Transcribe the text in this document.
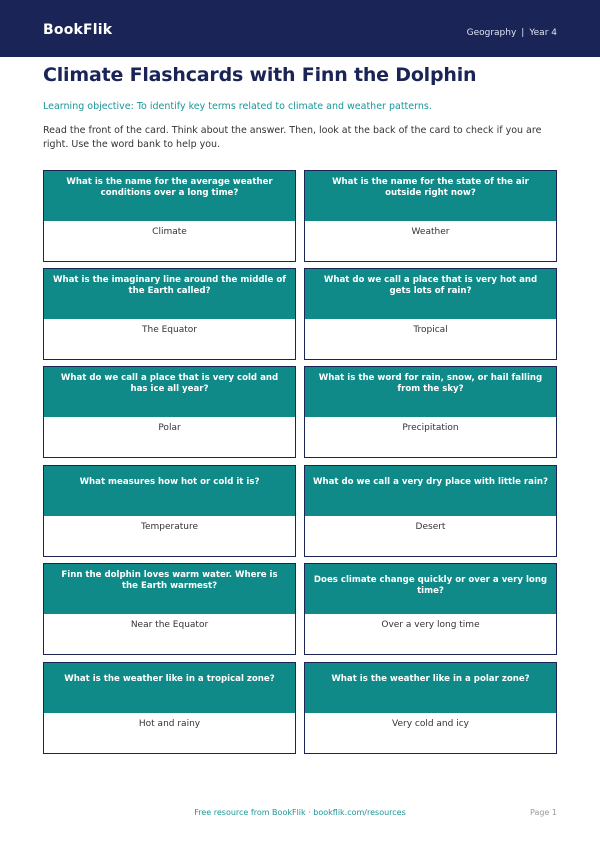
BookFlik	Geography | Year 4
Climate Flashcards with Finn the Dolphin
Learning objective: To identify key terms related to climate and weather patterns.
Read the front of the card. Think about the answer. Then, look at the back of the card to check if you are right. Use the word bank to help you.
What is the name for the average weather conditions over a long time?
Climate
What is the name for the state of the air outside right now?
Weather
What is the imaginary line around the middle of the Earth called?
The Equator
What do we call a place that is very hot and gets lots of rain?
Tropical
What do we call a place that is very cold and has ice all year?
Polar
What is the word for rain, snow, or hail falling from the sky?
Precipitation
What measures how hot or cold it is?
Temperature
What do we call a very dry place with little rain?
Desert
Finn the dolphin loves warm water. Where is the Earth warmest?
Near the Equator
Does climate change quickly or over a very long time?
Over a very long time
What is the weather like in a tropical zone?
Hot and rainy
What is the weather like in a polar zone?
Very cold and icy
Free resource from BookFlik · bookflik.com/resources	Page 1
